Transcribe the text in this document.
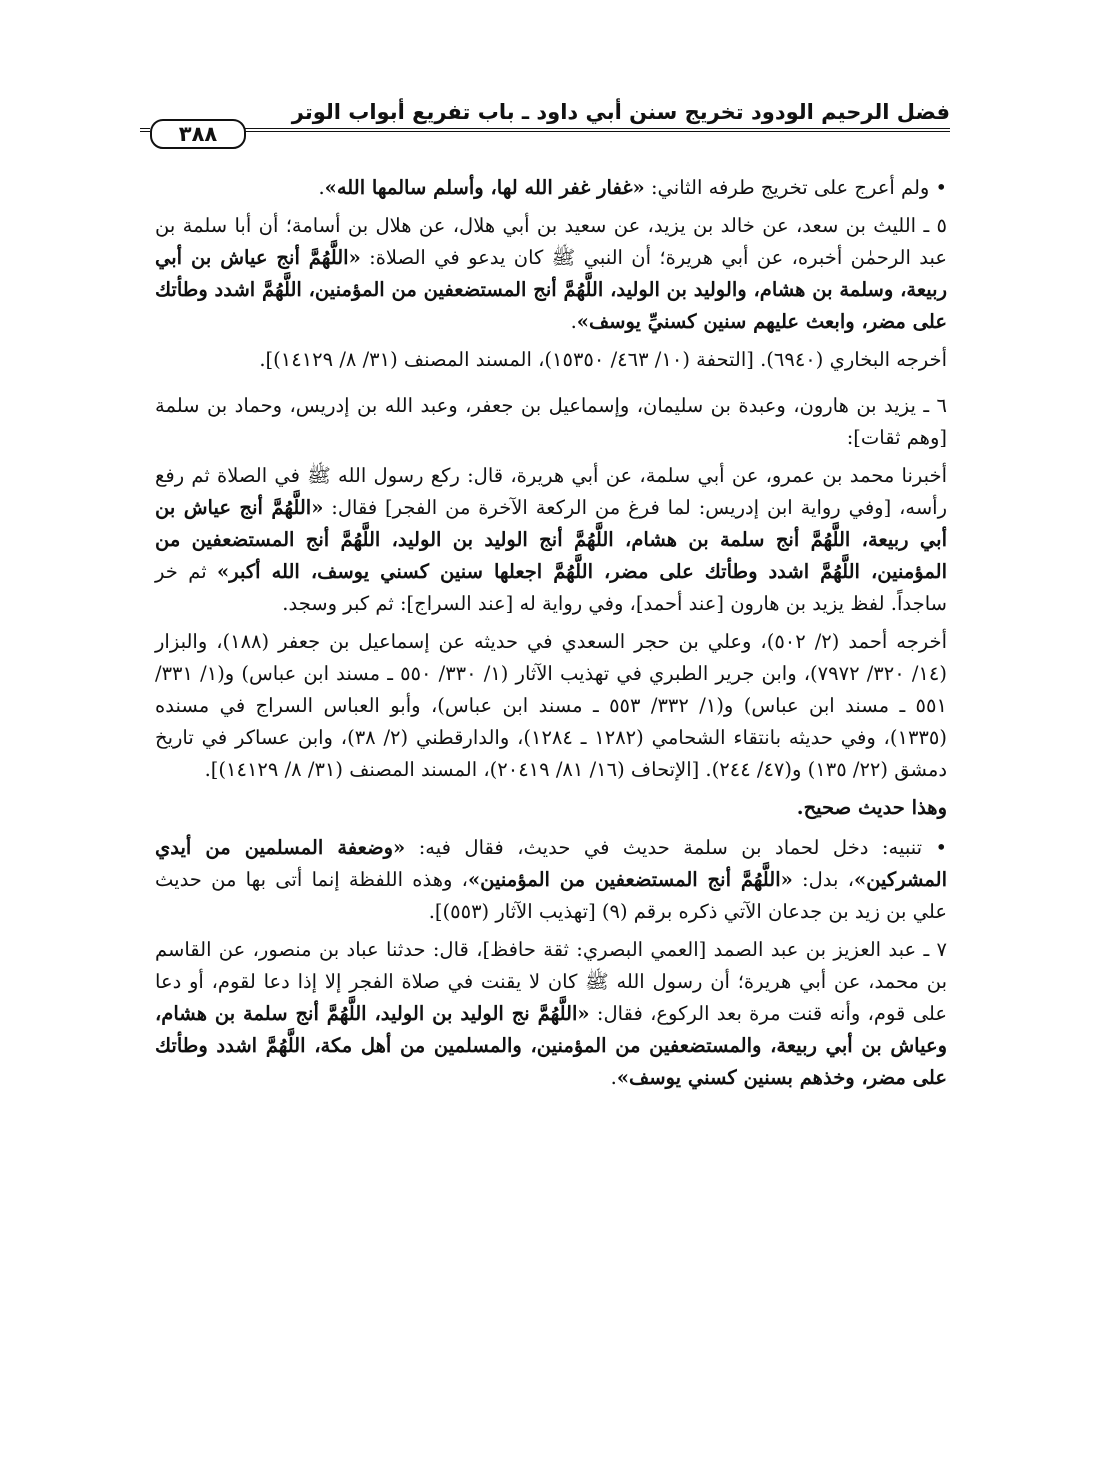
فضل الرحيم الودود تخريج سنن أبي داود ـ باب تفريع أبواب الوتر
٣٨٨

• ولم أعرج على تخريج طرفه الثاني: «غفار غفر الله لها، وأسلم سالمها الله».

٥ ـ الليث بن سعد، عن خالد بن يزيد، عن سعيد بن أبي هلال، عن هلال بن أسامة؛ أن أبا سلمة بن عبد الرحمٰن أخبره، عن أبي هريرة؛ أن النبي ﷺ كان يدعو في الصلاة: «اللَّهُمَّ أنج عياش بن أبي ربيعة، وسلمة بن هشام، والوليد بن الوليد، اللَّهُمَّ أنج المستضعفين من المؤمنين، اللَّهُمَّ اشدد وطأتك على مضر، وابعث عليهم سنين كسنيِّ يوسف».

أخرجه البخاري (٦٩٤٠). [التحفة (١٠/ ٤٦٣/ ١٥٣٥٠)، المسند المصنف (٣١/ ٨/ ١٤١٢٩)].

٦ ـ يزيد بن هارون، وعبدة بن سليمان، وإسماعيل بن جعفر، وعبد الله بن إدريس، وحماد بن سلمة [وهم ثقات]:

أخبرنا محمد بن عمرو، عن أبي سلمة، عن أبي هريرة، قال: ركع رسول الله ﷺ في الصلاة ثم رفع رأسه، [وفي رواية ابن إدريس: لما فرغ من الركعة الآخرة من الفجر] فقال: «اللَّهُمَّ أنج عياش بن أبي ربيعة، اللَّهُمَّ أنج سلمة بن هشام، اللَّهُمَّ أنج الوليد بن الوليد، اللَّهُمَّ أنج المستضعفين من المؤمنين، اللَّهُمَّ اشدد وطأتك على مضر، اللَّهُمَّ اجعلها سنين كسني يوسف، الله أكبر» ثم خر ساجداً. لفظ يزيد بن هارون [عند أحمد]، وفي رواية له [عند السراج]: ثم كبر وسجد.

أخرجه أحمد (٢/ ٥٠٢)، وعلي بن حجر السعدي في حديثه عن إسماعيل بن جعفر (١٨٨)، والبزار (١٤/ ٣٢٠/ ٧٩٧٢)، وابن جرير الطبري في تهذيب الآثار (١/ ٣٣٠/ ٥٥٠ ـ مسند ابن عباس) و(١/ ٣٣١/ ٥٥١ ـ مسند ابن عباس) و(١/ ٣٣٢/ ٥٥٣ ـ مسند ابن عباس)، وأبو العباس السراج في مسنده (١٣٣٥)، وفي حديثه بانتقاء الشحامي (١٢٨٢ ـ ١٢٨٤)، والدارقطني (٢/ ٣٨)، وابن عساكر في تاريخ دمشق (٢٢/ ١٣٥) و(٤٧/ ٢٤٤). [الإتحاف (١٦/ ٨١/ ٢٠٤١٩)، المسند المصنف (٣١/ ٨/ ١٤١٢٩)].

وهذا حديث صحيح.

• تنبيه: دخل لحماد بن سلمة حديث في حديث، فقال فيه: «وضعفة المسلمين من أيدي المشركين»، بدل: «اللَّهُمَّ أنج المستضعفين من المؤمنين»، وهذه اللفظة إنما أتى بها من حديث علي بن زيد بن جدعان الآتي ذكره برقم (٩) [تهذيب الآثار (٥٥٣)].

٧ ـ عبد العزيز بن عبد الصمد [العمي البصري: ثقة حافظ]، قال: حدثنا عباد بن منصور، عن القاسم بن محمد، عن أبي هريرة؛ أن رسول الله ﷺ كان لا يقنت في صلاة الفجر إلا إذا دعا لقوم، أو دعا على قوم، وأنه قنت مرة بعد الركوع، فقال: «اللَّهُمَّ نج الوليد بن الوليد، اللَّهُمَّ أنج سلمة بن هشام، وعياش بن أبي ربيعة، والمستضعفين من المؤمنين، والمسلمين من أهل مكة، اللَّهُمَّ اشدد وطأتك على مضر، وخذهم بسنين كسني يوسف».
